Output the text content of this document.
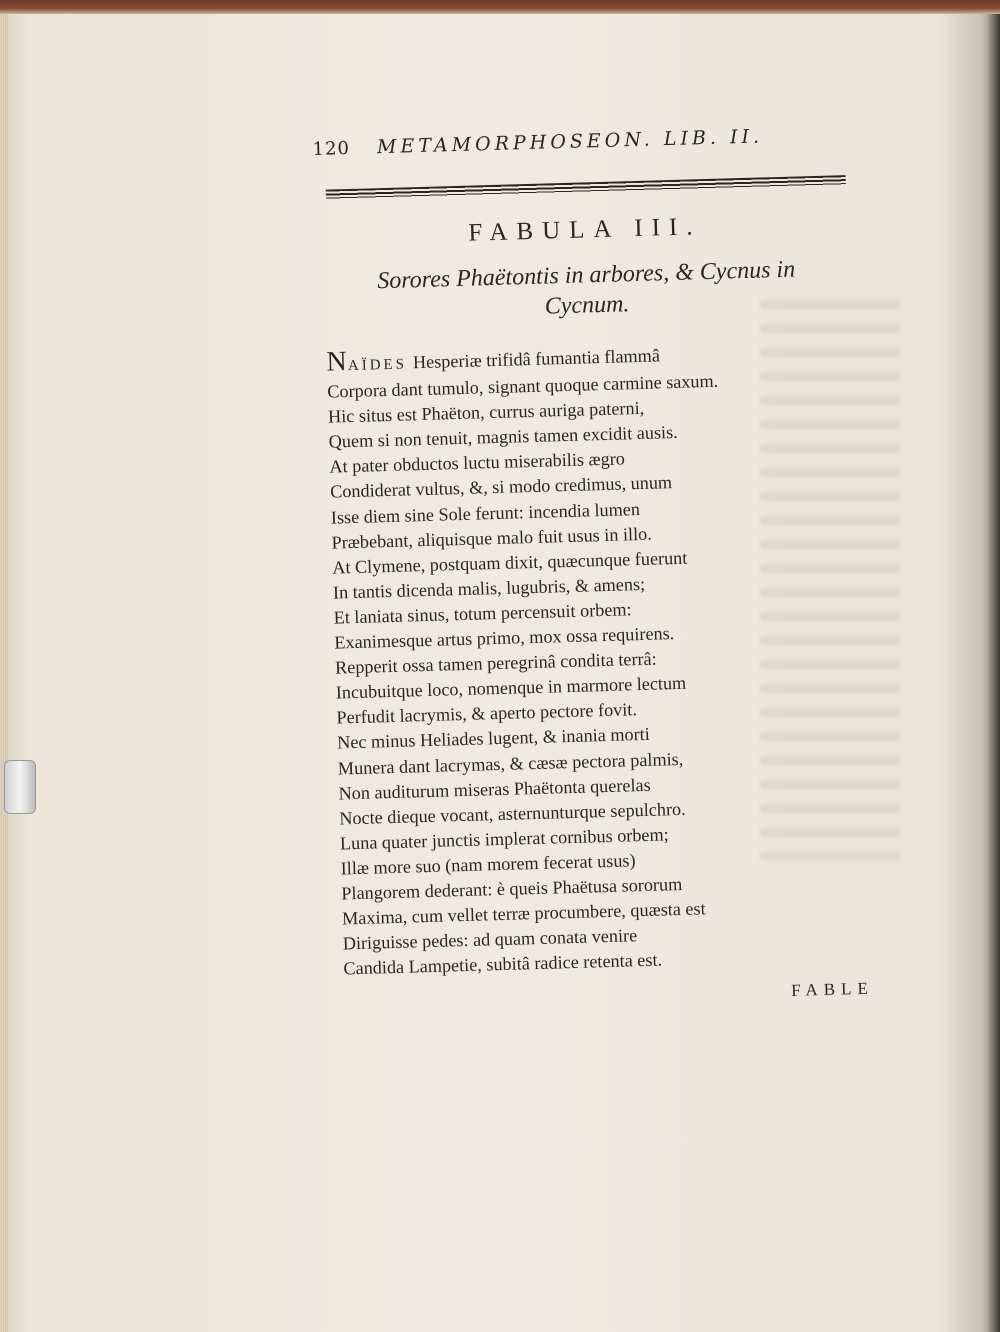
120 METAMORPHOSEON. LIB. II.
FABULA III.
Sorores Phaëtontis in arbores, & Cycnus in
Cycnum.
NAÏDES Hesperiæ trifidâ fumantia flammâ
Corpora dant tumulo, signant quoque carmine saxum.
Hic situs est Phaëton, currus auriga paterni,
Quem si non tenuit, magnis tamen excidit ausis.
At pater obductos luctu miserabilis ægro
Condiderat vultus, &, si modo credimus, unum
Isse diem sine Sole ferunt: incendia lumen
Præbebant, aliquisque malo fuit usus in illo.
At Clymene, postquam dixit, quæcunque fuerunt
In tantis dicenda malis, lugubris, & amens;
Et laniata sinus, totum percensuit orbem:
Exanimesque artus primo, mox ossa requirens.
Repperit ossa tamen peregrinâ condita terrâ:
Incubuitque loco, nomenque in marmore lectum
Perfudit lacrymis, & aperto pectore fovit.
Nec minus Heliades lugent, & inania morti
Munera dant lacrymas, & cæsæ pectora palmis,
Non auditurum miseras Phaëtonta querelas
Nocte dieque vocant, asternunturque sepulchro.
Luna quater junctis implerat cornibus orbem;
Illæ more suo (nam morem fecerat usus)
Plangorem dederant: è queis Phaëtusa sororum
Maxima, cum vellet terræ procumbere, quæsta est
Diriguisse pedes: ad quam conata venire
Candida Lampetie, subitâ radice retenta est.
FABLE
